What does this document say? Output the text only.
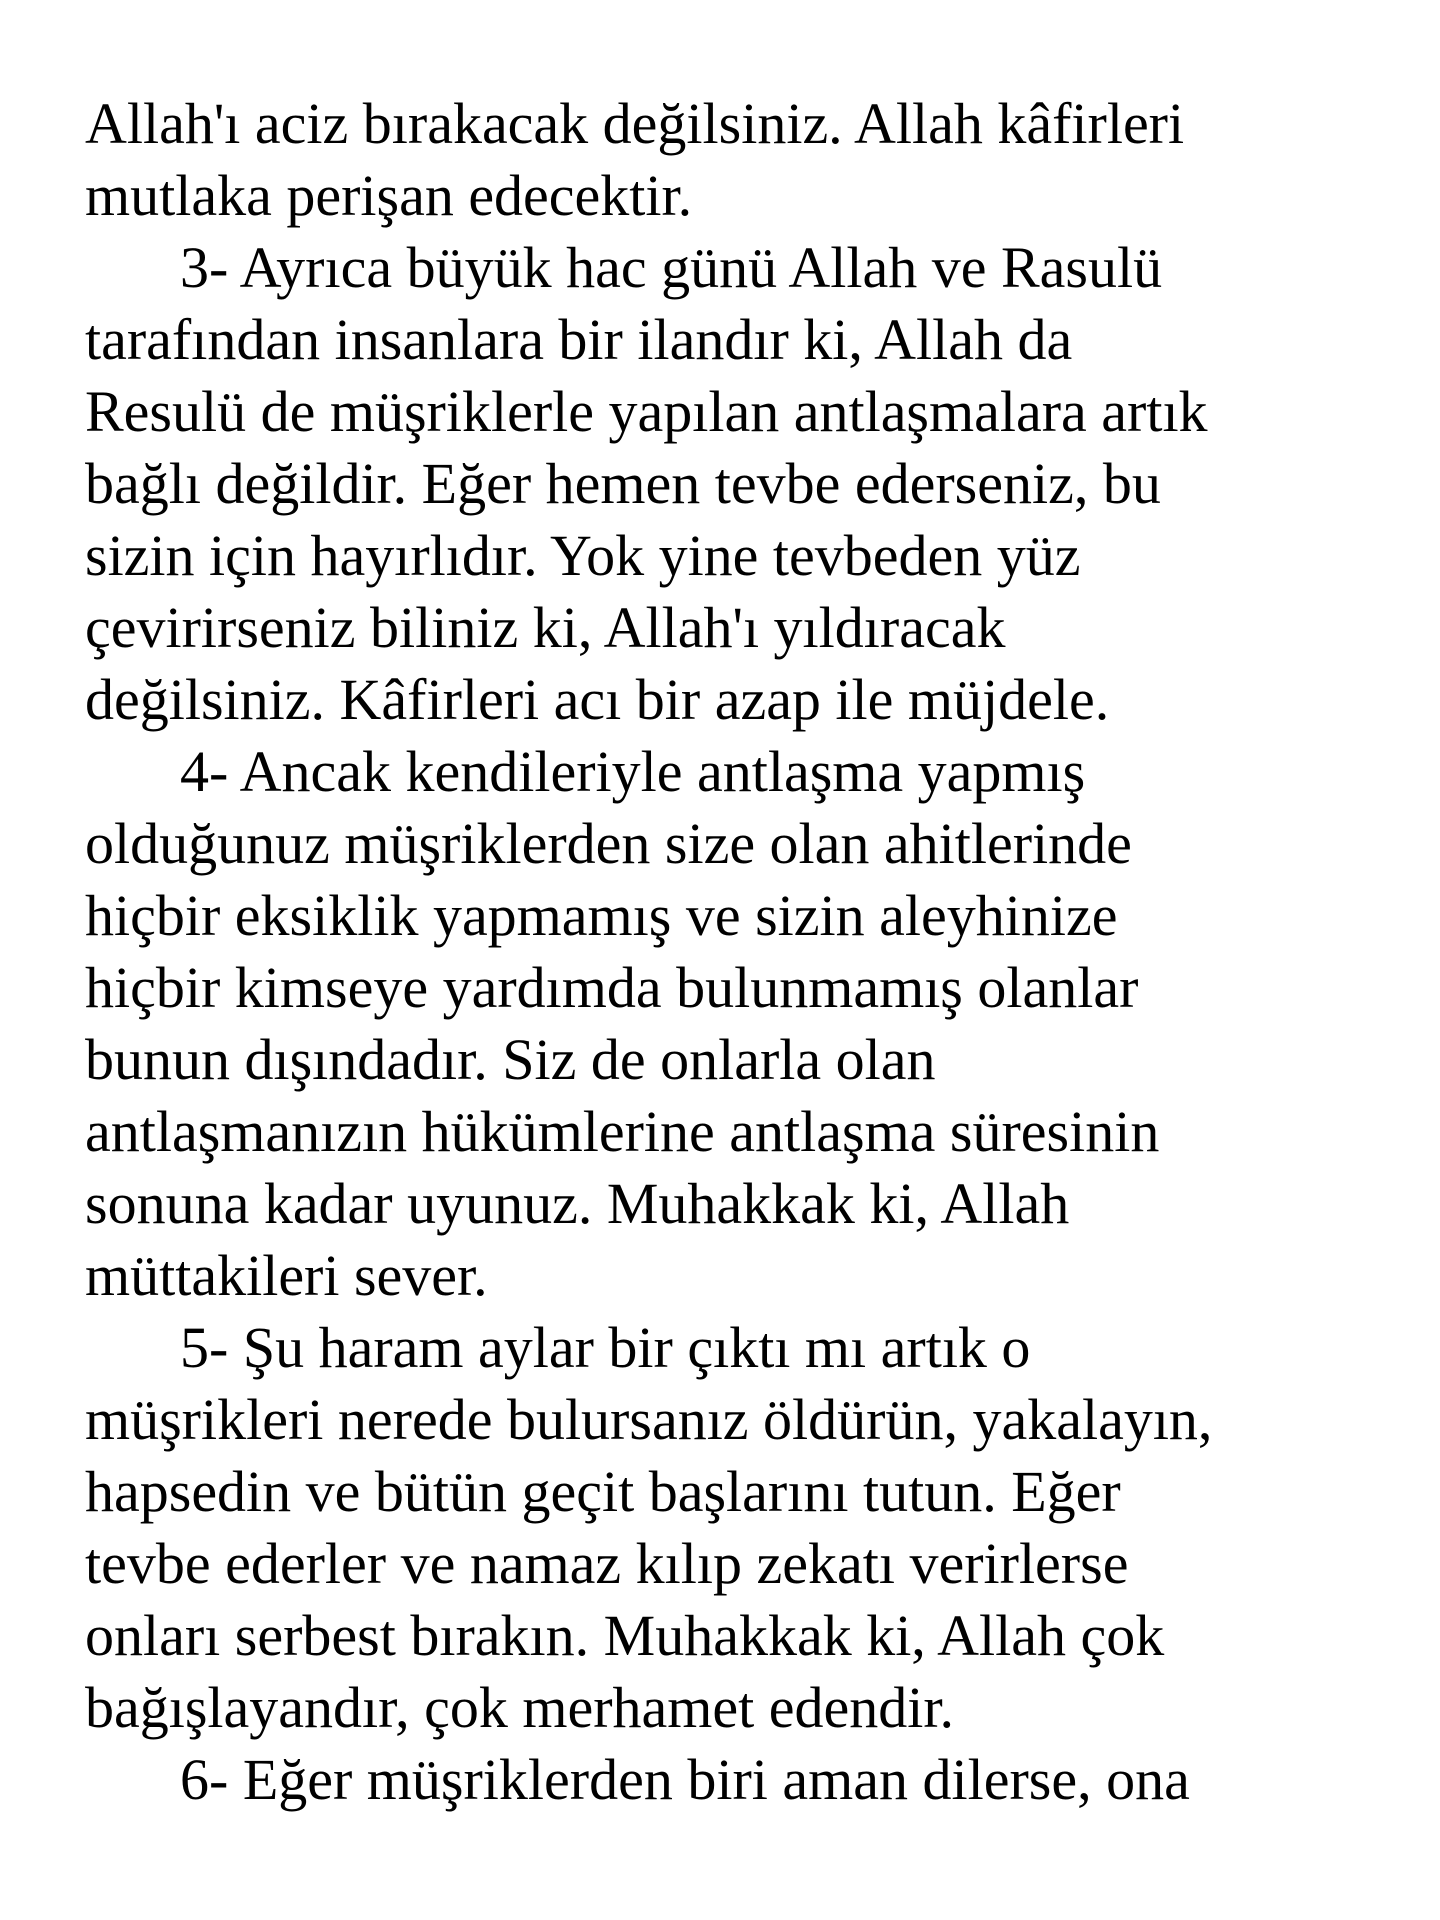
Allah'ı aciz bırakacak değilsiniz. Allah kâfirleri
mutlaka perişan edecektir.
3- Ayrıca büyük hac günü Allah ve Rasulü
tarafından insanlara bir ilandır ki, Allah da
Resulü de müşriklerle yapılan antlaşmalara artık
bağlı değildir. Eğer hemen tevbe ederseniz, bu
sizin için hayırlıdır. Yok yine tevbeden yüz
çevirirseniz biliniz ki, Allah'ı yıldıracak
değilsiniz. Kâfirleri acı bir azap ile müjdele.
4- Ancak kendileriyle antlaşma yapmış
olduğunuz müşriklerden size olan ahitlerinde
hiçbir eksiklik yapmamış ve sizin aleyhinize
hiçbir kimseye yardımda bulunmamış olanlar
bunun dışındadır. Siz de onlarla olan
antlaşmanızın hükümlerine antlaşma süresinin
sonuna kadar uyunuz. Muhakkak ki, Allah
müttakileri sever.
5- Şu haram aylar bir çıktı mı artık o
müşrikleri nerede bulursanız öldürün, yakalayın,
hapsedin ve bütün geçit başlarını tutun. Eğer
tevbe ederler ve namaz kılıp zekatı verirlerse
onları serbest bırakın. Muhakkak ki, Allah çok
bağışlayandır, çok merhamet edendir.
6- Eğer müşriklerden biri aman dilerse, ona
